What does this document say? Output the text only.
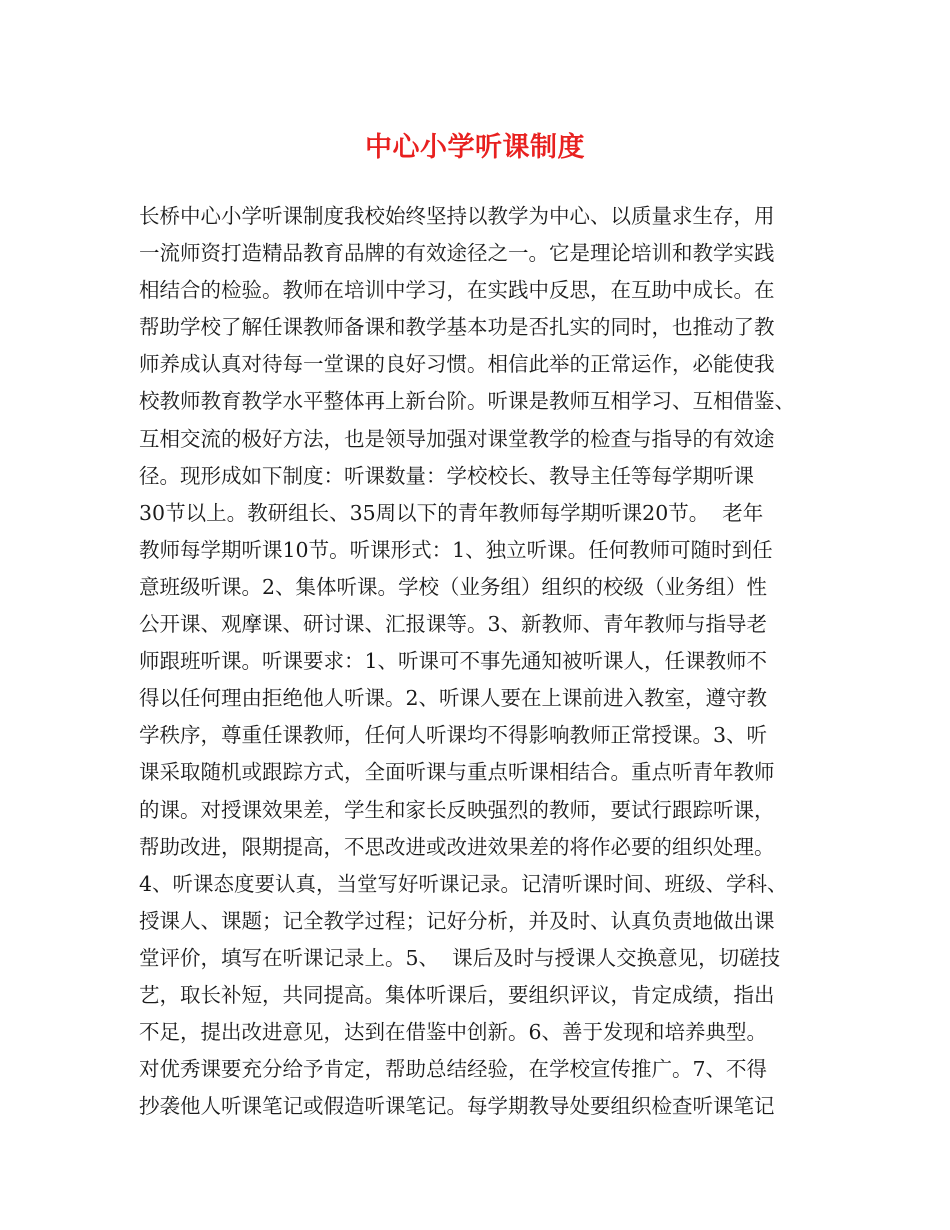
中心小学听课制度
长桥中心小学听课制度我校始终坚持以教学为中心、以质量求生存，用
一流师资打造精品教育品牌的有效途径之一。它是理论培训和教学实践
相结合的检验。教师在培训中学习，在实践中反思，在互助中成长。在
帮助学校了解任课教师备课和教学基本功是否扎实的同时，也推动了教
师养成认真对待每一堂课的良好习惯。相信此举的正常运作，必能使我
校教师教育教学水平整体再上新台阶。听课是教师互相学习、互相借鉴、
互相交流的极好方法，也是领导加强对课堂教学的检查与指导的有效途
径。现形成如下制度：听课数量：学校校长、教导主任等每学期听课
30节以上。教研组长、35周以下的青年教师每学期听课20节。  老年
教师每学期听课10节。听课形式：1、独立听课。任何教师可随时到任
意班级听课。2、集体听课。学校（业务组）组织的校级（业务组）性
公开课、观摩课、研讨课、汇报课等。3、新教师、青年教师与指导老
师跟班听课。听课要求：1、听课可不事先通知被听课人，任课教师不
得以任何理由拒绝他人听课。2、听课人要在上课前进入教室，遵守教
学秩序，尊重任课教师，任何人听课均不得影响教师正常授课。3、听
课采取随机或跟踪方式，全面听课与重点听课相结合。重点听青年教师
的课。对授课效果差，学生和家长反映强烈的教师，要试行跟踪听课，
帮助改进，限期提高，不思改进或改进效果差的将作必要的组织处理。
4、听课态度要认真，当堂写好听课记录。记清听课时间、班级、学科、
授课人、课题；记全教学过程；记好分析，并及时、认真负责地做出课
堂评价，填写在听课记录上。5、  课后及时与授课人交换意见，切磋技
艺，取长补短，共同提高。集体听课后，要组织评议，肯定成绩，指出
不足，提出改进意见，达到在借鉴中创新。6、善于发现和培养典型。
对优秀课要充分给予肯定，帮助总结经验，在学校宣传推广。7、不得
抄袭他人听课笔记或假造听课笔记。每学期教导处要组织检查听课笔记
